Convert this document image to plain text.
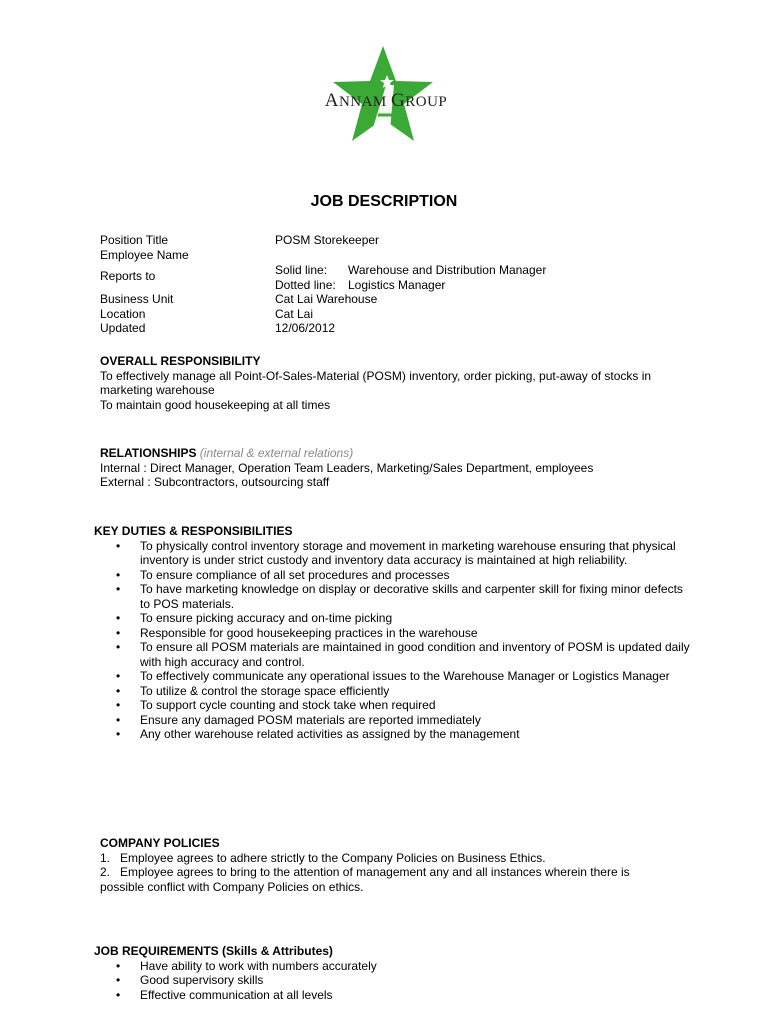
ANNAM GROUP
JOB DESCRIPTION
Position Title	POSM Storekeeper
Employee Name
Reports to	Solid line:	Warehouse and Distribution Manager
Dotted line:	Logistics Manager
Business Unit	Cat Lai Warehouse
Location	Cat Lai
Updated	12/06/2012
OVERALL RESPONSIBILITY

To effectively manage all Point-Of-Sales-Material (POSM) inventory, order picking, put-away of stocks in marketing warehouse

To maintain good housekeeping at all times

RELATIONSHIPS (internal & external relations)

Internal : Direct Manager, Operation Team Leaders, Marketing/Sales Department, employees

External : Subcontractors, outsourcing staff

KEY DUTIES & RESPONSIBILITIES
• To physically control inventory storage and movement in marketing warehouse ensuring that physical inventory is under strict custody and inventory data accuracy is maintained at high reliability.
• To ensure compliance of all set procedures and processes
• To have marketing knowledge on display or decorative skills and carpenter skill for fixing minor defects to POS materials.
• To ensure picking accuracy and on-time picking
• Responsible for good housekeeping practices in the warehouse
• To ensure all POSM materials are maintained in good condition and inventory of POSM is updated daily with high accuracy and control.
• To effectively communicate any operational issues to the Warehouse Manager or Logistics Manager
• To utilize & control the storage space efficiently
• To support cycle counting and stock take when required
• Ensure any damaged POSM materials are reported immediately
• Any other warehouse related activities as assigned by the management
COMPANY POLICIES

1. Employee agrees to adhere strictly to the Company Policies on Business Ethics.

2. Employee agrees to bring to the attention of management any and all instances wherein there is possible conflict with Company Policies on ethics.

JOB REQUIREMENTS (Skills & Attributes)
• Have ability to work with numbers accurately
• Good supervisory skills
• Effective communication at all levels
